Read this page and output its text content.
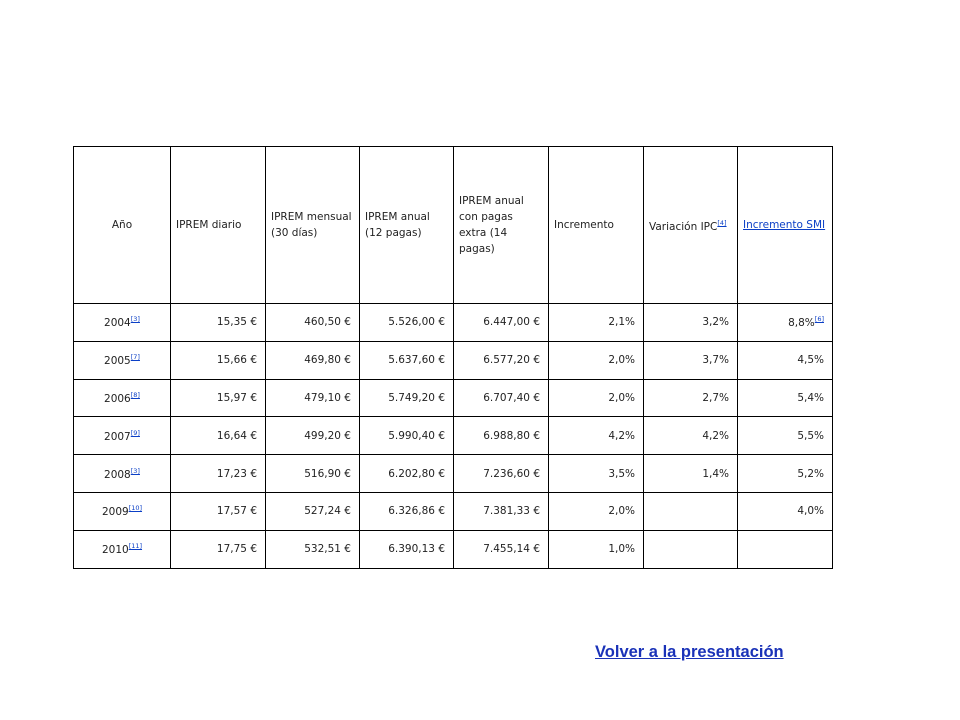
Año	IPREM diario	IPREM mensual (30 días)	IPREM anual (12 pagas)	IPREM anual con pagas extra (14 pagas)	Incremento	Variación IPC[4]	Incremento SMI
2004[3]	15,35 €	460,50 €	5.526,00 €	6.447,00 €	2,1%	3,2%	8,8%[6]
2005[7]	15,66 €	469,80 €	5.637,60 €	6.577,20 €	2,0%	3,7%	4,5%
2006[8]	15,97 €	479,10 €	5.749,20 €	6.707,40 €	2,0%	2,7%	5,4%
2007[9]	16,64 €	499,20 €	5.990,40 €	6.988,80 €	4,2%	4,2%	5,5%
2008[3]	17,23 €	516,90 €	6.202,80 €	7.236,60 €	3,5%	1,4%	5,2%
2009[10]	17,57 €	527,24 €	6.326,86 €	7.381,33 €	2,0%		4,0%
2010[11]	17,75 €	532,51 €	6.390,13 €	7.455,14 €	1,0%		
Volver a la presentación
